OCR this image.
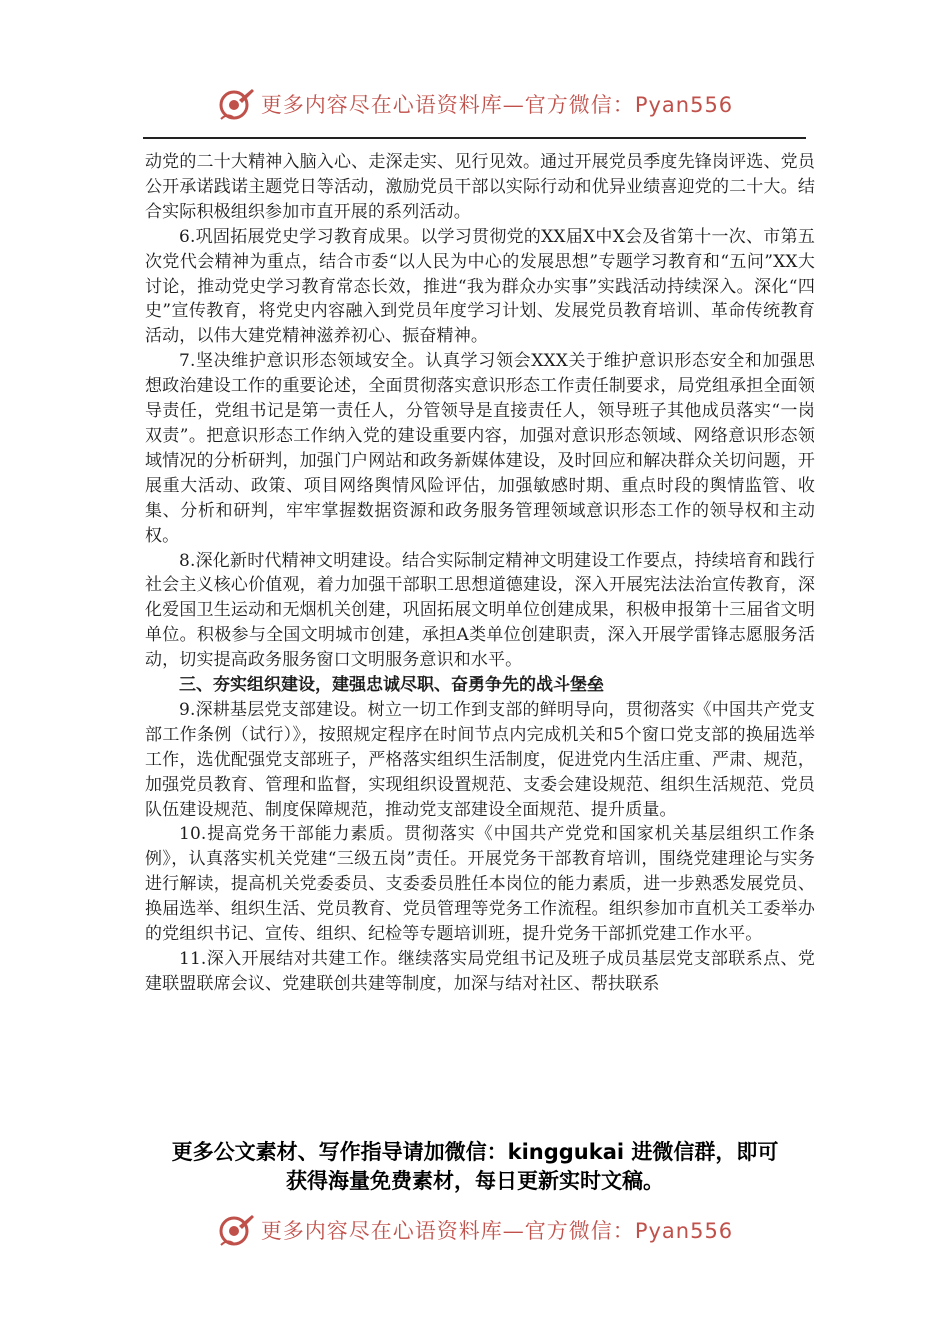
更多内容尽在心语资料库—官方微信：Pyan556

动党的二十大精神入脑入心、走深走实、见行见效。通过开展党员季度先锋岗评选、党员公开承诺践诺主题党日等活动，激励党员干部以实际行动和优异业绩喜迎党的二十大。结合实际积极组织参加市直开展的系列活动。

6.巩固拓展党史学习教育成果。以学习贯彻党的XX届X中X会及省第十一次、市第五次党代会精神为重点，结合市委“以人民为中心的发展思想”专题学习教育和“五问”XX大讨论，推动党史学习教育常态长效，推进“我为群众办实事”实践活动持续深入。深化“四史”宣传教育，将党史内容融入到党员年度学习计划、发展党员教育培训、革命传统教育活动，以伟大建党精神滋养初心、振奋精神。

7.坚决维护意识形态领域安全。认真学习领会XXX关于维护意识形态安全和加强思想政治建设工作的重要论述，全面贯彻落实意识形态工作责任制要求，局党组承担全面领导责任，党组书记是第一责任人，分管领导是直接责任人，领导班子其他成员落实“一岗双责”。把意识形态工作纳入党的建设重要内容，加强对意识形态领域、网络意识形态领域情况的分析研判，加强门户网站和政务新媒体建设，及时回应和解决群众关切问题，开展重大活动、政策、项目网络舆情风险评估，加强敏感时期、重点时段的舆情监管、收集、分析和研判，牢牢掌握数据资源和政务服务管理领域意识形态工作的领导权和主动权。

8.深化新时代精神文明建设。结合实际制定精神文明建设工作要点，持续培育和践行社会主义核心价值观，着力加强干部职工思想道德建设，深入开展宪法法治宣传教育，深化爱国卫生运动和无烟机关创建，巩固拓展文明单位创建成果，积极申报第十三届省文明单位。积极参与全国文明城市创建，承担A类单位创建职责，深入开展学雷锋志愿服务活动，切实提高政务服务窗口文明服务意识和水平。

三、夯实组织建设，建强忠诚尽职、奋勇争先的战斗堡垒

9.深耕基层党支部建设。树立一切工作到支部的鲜明导向，贯彻落实《中国共产党支部工作条例（试行）》，按照规定程序在时间节点内完成机关和5个窗口党支部的换届选举工作，选优配强党支部班子，严格落实组织生活制度，促进党内生活庄重、严肃、规范，加强党员教育、管理和监督，实现组织设置规范、支委会建设规范、组织生活规范、党员队伍建设规范、制度保障规范，推动党支部建设全面规范、提升质量。

10.提高党务干部能力素质。贯彻落实《中国共产党党和国家机关基层组织工作条例》，认真落实机关党建“三级五岗”责任。开展党务干部教育培训，围绕党建理论与实务进行解读，提高机关党委委员、支委委员胜任本岗位的能力素质，进一步熟悉发展党员、换届选举、组织生活、党员教育、党员管理等党务工作流程。组织参加市直机关工委举办的党组织书记、宣传、组织、纪检等专题培训班，提升党务干部抓党建工作水平。

11.深入开展结对共建工作。继续落实局党组书记及班子成员基层党支部联系点、党建联盟联席会议、党建联创共建等制度，加深与结对社区、帮扶联系

更多公文素材、写作指导请加微信：kinggukai 进微信群，即可
获得海量免费素材，每日更新实时文稿。
更多内容尽在心语资料库—官方微信：Pyan556
